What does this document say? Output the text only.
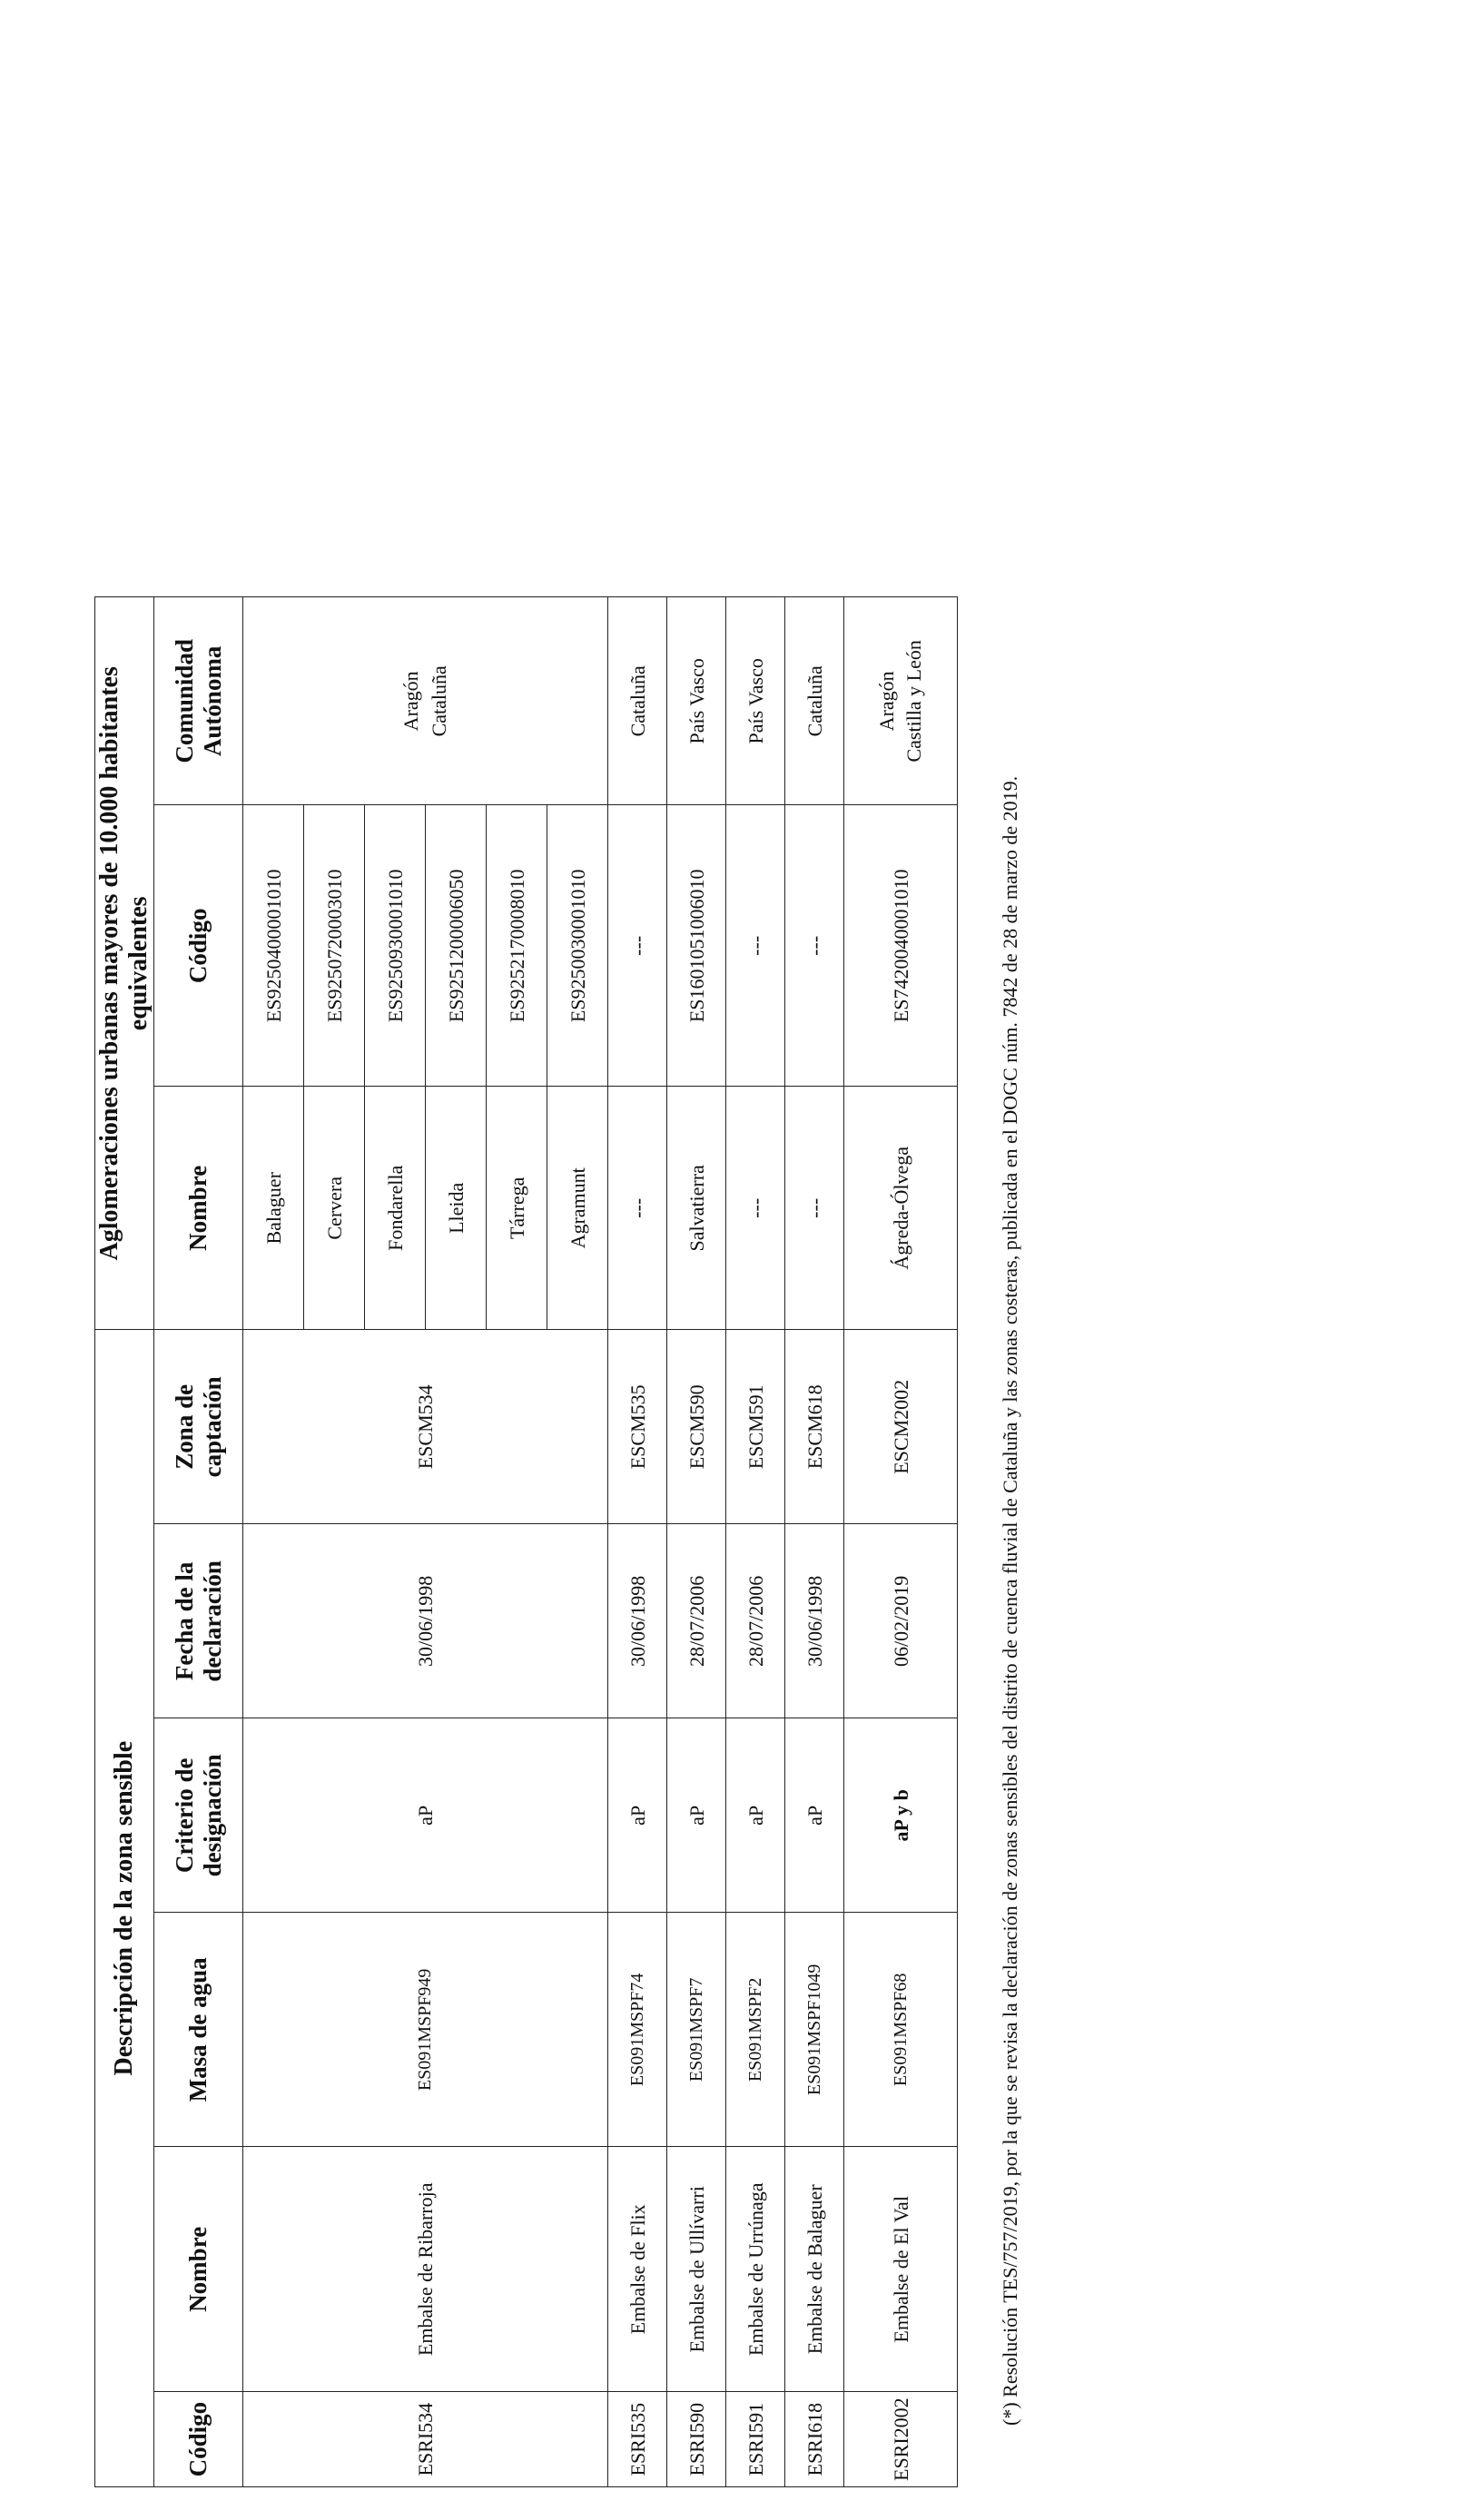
Descripción de la zona sensible						Aglomeraciones urbanas mayores de 10.000 habitantes equivalentes		
Código	Nombre	Masa de agua	Criterio de designación	Fecha de la declaración	Zona de captación	Nombre	Código	Comunidad Autónoma
ESRI534	Embalse de Ribarroja	ES091MSPF949	aP	30/06/1998	ESCM534	Balaguer	ES9250400001010	Aragón Cataluña

						Cervera	ES9250720003010	
						Fondarella	ES9250930001010	
						Lleida	ES9251200006050	
						Tárrega	ES9252170008010	
						Agramunt	ES9250030001010	
ESRI535	Embalse de Flix	ES091MSPF74	aP	30/06/1998	ESCM535	---	---	Cataluña
ESRI590	Embalse de Ullívarri	ES091MSPF7	aP	28/07/2006	ESCM590	Salvatierra	ES1601051006010	País Vasco
ESRI591	Embalse de Urrúnaga	ES091MSPF2	aP	28/07/2006	ESCM591	---	---	País Vasco
ESRI618	Embalse de Balaguer	ES091MSPF1049	aP	30/06/1998	ESCM618	---	---	Cataluña
ESRI2002	Embalse de El Val	ES091MSPF68	aP y b	06/02/2019	ESCM2002	Ágreda-Ólvega	ES7420040001010	Aragón Castilla y León
(*) Resolución TES/757/2019, por la que se revisa la declaración de zonas sensibles del distrito de cuenca fluvial de Cataluña y las zonas costeras, publicada en el DOGC núm. 7842 de 28 de marzo de 2019.
